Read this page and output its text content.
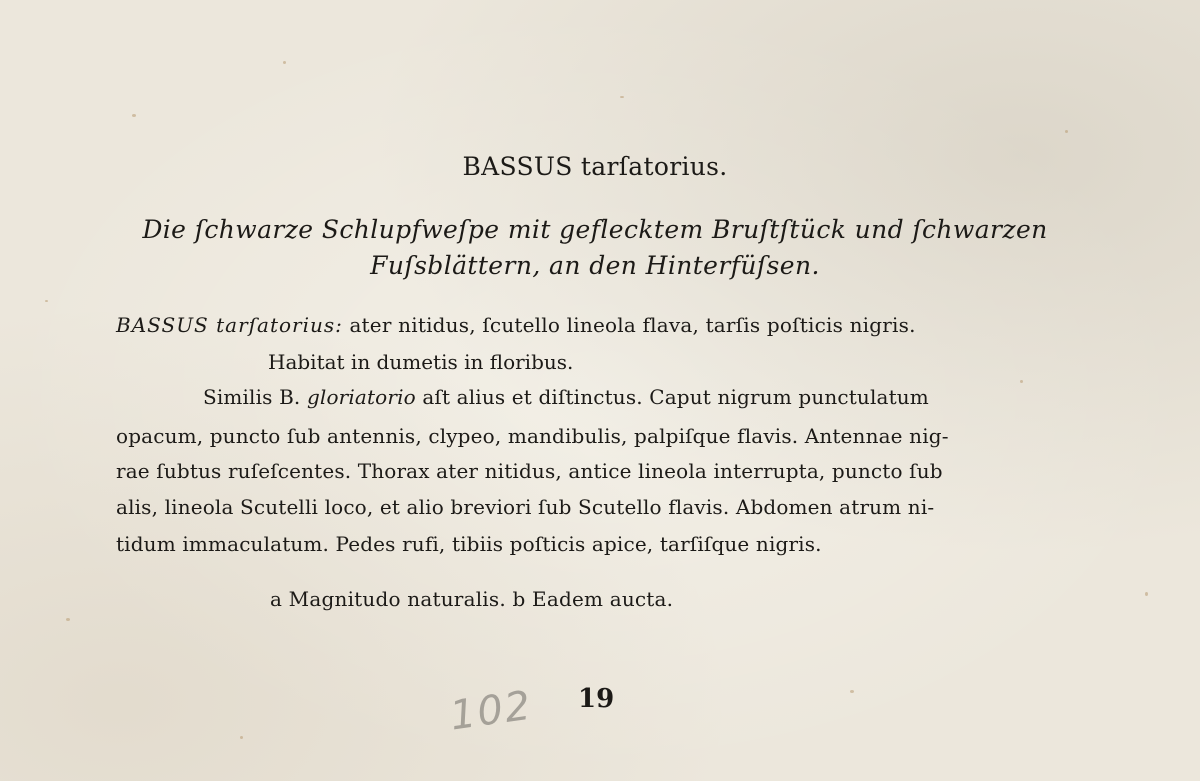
BASSUS tarſatorius.
Die ſchwarze Schlupfweſpe mit geflecktem Bruſtſtück und ſchwarzen
Fuſsblättern, an den Hinterfüſsen.
BASSUS tarſatorius: ater nitidus, ſcutello lineola flava, tarſis poſticis nigris.
Habitat in dumetis in floribus.
Similis B. gloriatorio aſt alius et diſtinctus. Caput nigrum punctulatum
opacum, puncto ſub antennis, clypeo, mandibulis, palpiſque flavis. Antennae nig-
rae ſubtus ruſeſcentes. Thorax ater nitidus, antice lineola interrupta, puncto ſub
alis, lineola Scutelli loco, et alio breviori ſub Scutello flavis. Abdomen atrum ni-
tidum immaculatum. Pedes rufi, tibiis poſticis apice, tarſiſque nigris.
a Magnitudo naturalis. b Eadem aucta.
102 19
